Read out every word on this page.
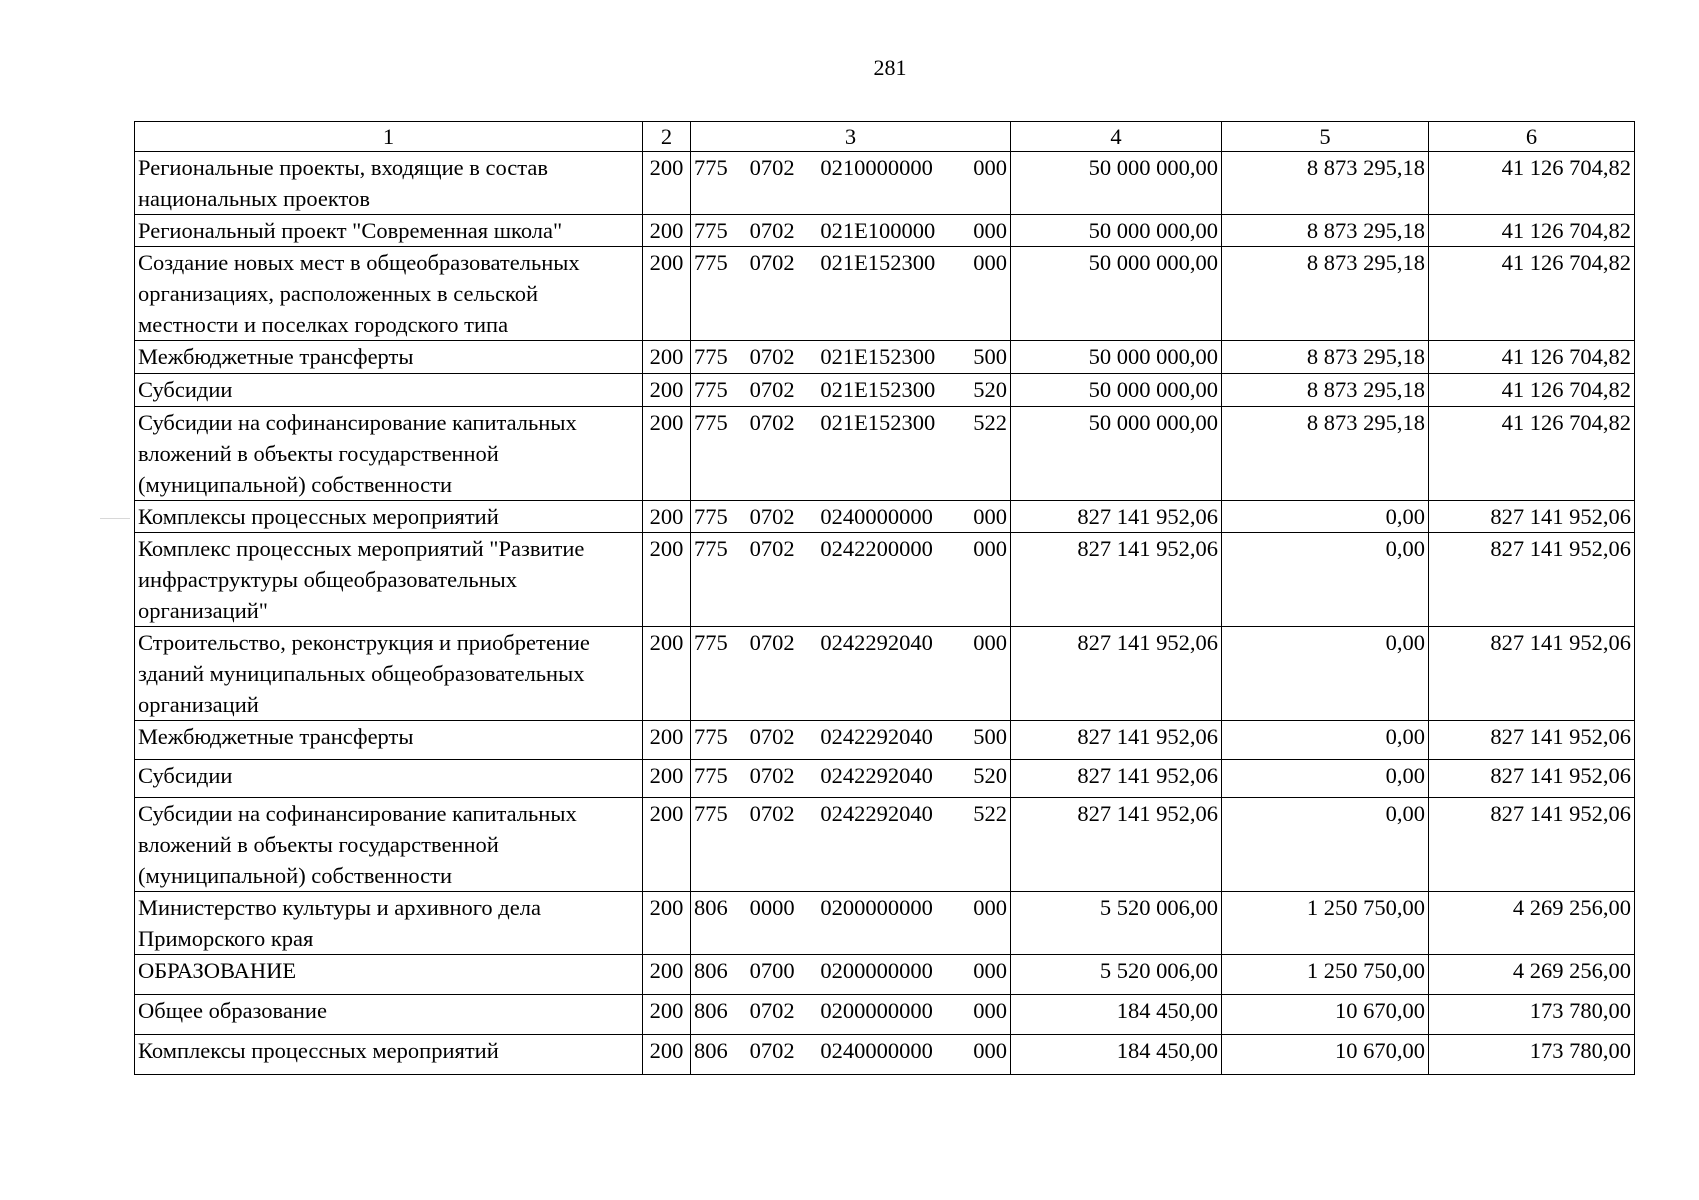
281
1	2	3	4	5	6
Региональные проекты, входящие в состав национальных проектов	200	775 0702 0210000000 000	50 000 000,00	8 873 295,18	41 126 704,82
Региональный проект "Современная школа"	200	775 0702 021E100000 000	50 000 000,00	8 873 295,18	41 126 704,82
Создание новых мест в общеобразовательных организациях, расположенных в сельской местности и поселках городского типа	200	775 0702 021E152300 000	50 000 000,00	8 873 295,18	41 126 704,82
Межбюджетные трансферты	200	775 0702 021E152300 500	50 000 000,00	8 873 295,18	41 126 704,82
Субсидии	200	775 0702 021E152300 520	50 000 000,00	8 873 295,18	41 126 704,82
Субсидии на софинансирование капитальных вложений в объекты государственной (муниципальной) собственности	200	775 0702 021E152300 522	50 000 000,00	8 873 295,18	41 126 704,82
Комплексы процессных мероприятий	200	775 0702 0240000000 000	827 141 952,06	0,00	827 141 952,06
Комплекс процессных мероприятий "Развитие инфраструктуры общеобразовательных организаций"	200	775 0702 0242200000 000	827 141 952,06	0,00	827 141 952,06
Строительство, реконструкция и приобретение зданий муниципальных общеобразовательных организаций	200	775 0702 0242292040 000	827 141 952,06	0,00	827 141 952,06
Межбюджетные трансферты	200	775 0702 0242292040 500	827 141 952,06	0,00	827 141 952,06
Субсидии	200	775 0702 0242292040 520	827 141 952,06	0,00	827 141 952,06
Субсидии на софинансирование капитальных вложений в объекты государственной (муниципальной) собственности	200	775 0702 0242292040 522	827 141 952,06	0,00	827 141 952,06
Министерство культуры и архивного дела Приморского края	200	806 0000 0200000000 000	5 520 006,00	1 250 750,00	4 269 256,00
ОБРАЗОВАНИЕ	200	806 0700 0200000000 000	5 520 006,00	1 250 750,00	4 269 256,00
Общее образование	200	806 0702 0200000000 000	184 450,00	10 670,00	173 780,00
Комплексы процессных мероприятий	200	806 0702 0240000000 000	184 450,00	10 670,00	173 780,00
